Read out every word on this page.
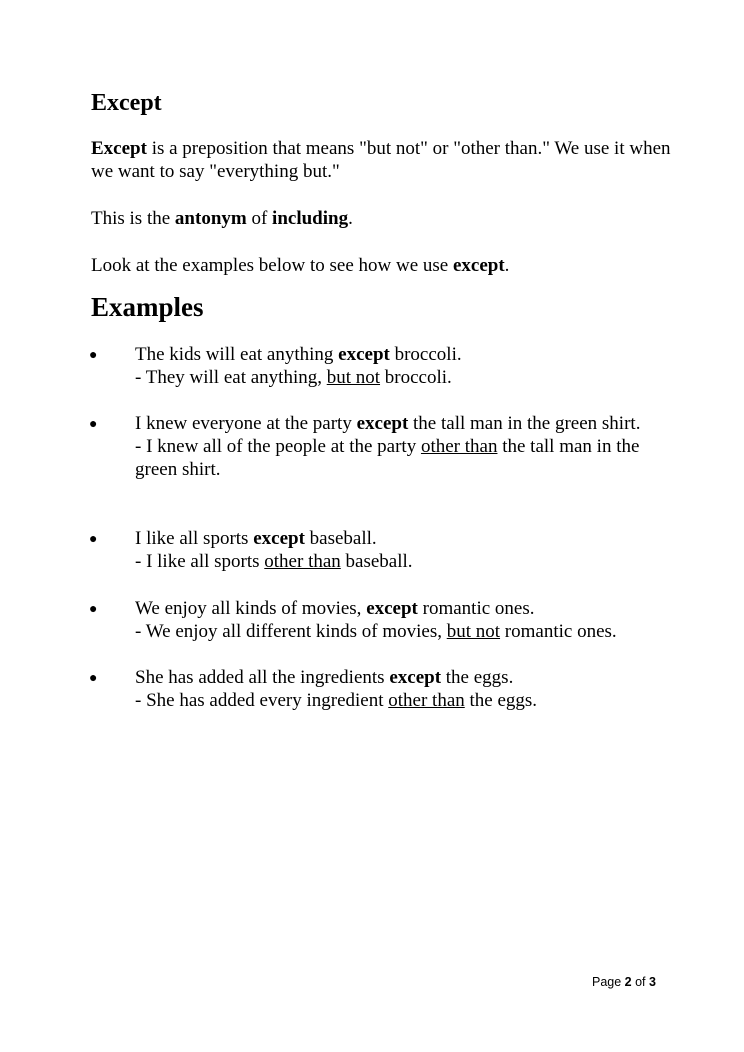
Except

Except is a preposition that means "but not" or "other than." We use it when we want to say "everything but."

This is the antonym of including.

Look at the examples below to see how we use except.

Examples
● The kids will eat anything except broccoli.
- They will eat anything, but not broccoli.
● I knew everyone at the party except the tall man in the green shirt.
- I knew all of the people at the party other than the tall man in the green shirt.
● I like all sports except baseball.
- I like all sports other than baseball.
● We enjoy all kinds of movies, except romantic ones.
- We enjoy all different kinds of movies, but not romantic ones.
● She has added all the ingredients except the eggs.
- She has added every ingredient other than the eggs.
Page 2 of 3
